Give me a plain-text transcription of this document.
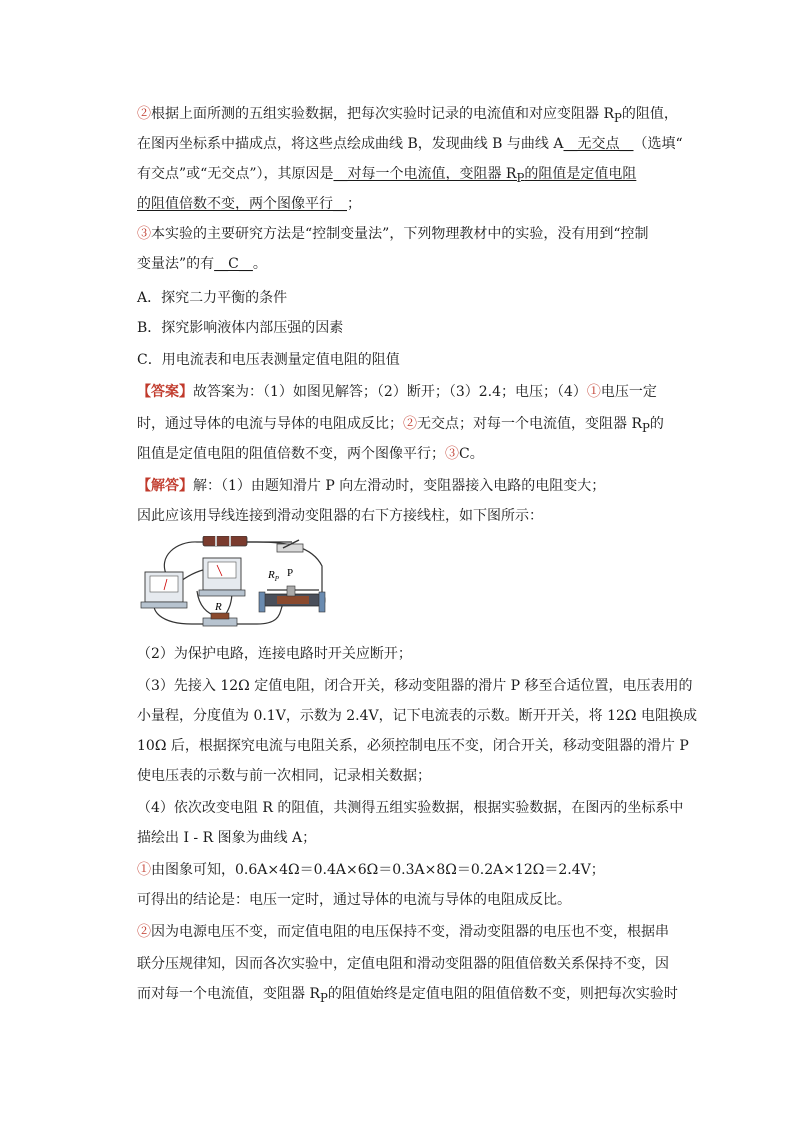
②根据上面所测的五组实验数据，把每次实验时记录的电流值和对应变阻器 $R_P$的阻值，
在图丙坐标系中描成点，将这些点绘成曲线 B，发现曲线 B 与曲线 A__无交点__（选填“
有交点”或“无交点”），其原因是__对每一个电流值，变阻器 $R_P$的阻值是定值电阻
的阻值倍数不变，两个图像平行__；
③本实验的主要研究方法是“控制变量法”，下列物理教材中的实验，没有用到“控制
变量法”的有__C__。
A．探究二力平衡的条件
B．探究影响液体内部压强的因素
C．用电流表和电压表测量定值电阻的阻值
【答案】故答案为：（1）如图见解答；（2）断开；（3）2.4；电压；（4）①电压一定
时，通过导体的电流与导体的电阻成反比；②无交点；对每一个电流值，变阻器 $R_P$的
阻值是定值电阻的阻值倍数不变，两个图像平行；③C。
【解答】解：（1）由题知滑片 P 向左滑动时，变阻器接入电路的电阻变大；
因此应该用导线连接到滑动变阻器的右下方接线柱，如下图所示：
R
$R_P$ P
（2）为保护电路，连接电路时开关应断开；
（3）先接入 12Ω 定值电阻，闭合开关，移动变阻器的滑片 P 移至合适位置，电压表用的
小量程，分度值为 0.1V，示数为 2.4V，记下电流表的示数。断开开关，将 12Ω 电阻换成
10Ω 后，根据探究电流与电阻关系，必须控制电压不变，闭合开关，移动变阻器的滑片 P
使电压表的示数与前一次相同，记录相关数据；
（4）依次改变电阻 R 的阻值，共测得五组实验数据，根据实验数据，在图丙的坐标系中
描绘出 I - R 图象为曲线 A；
①由图象可知，0.6A×4Ω＝0.4A×6Ω＝0.3A×8Ω＝0.2A×12Ω＝2.4V；
可得出的结论是：电压一定时，通过导体的电流与导体的电阻成反比。
②因为电源电压不变，而定值电阻的电压保持不变，滑动变阻器的电压也不变，根据串
联分压规律知，因而各次实验中，定值电阻和滑动变阻器的阻值倍数关系保持不变，因
而对每一个电流值，变阻器 $R_P$的阻值始终是定值电阻的阻值倍数不变，则把每次实验时
